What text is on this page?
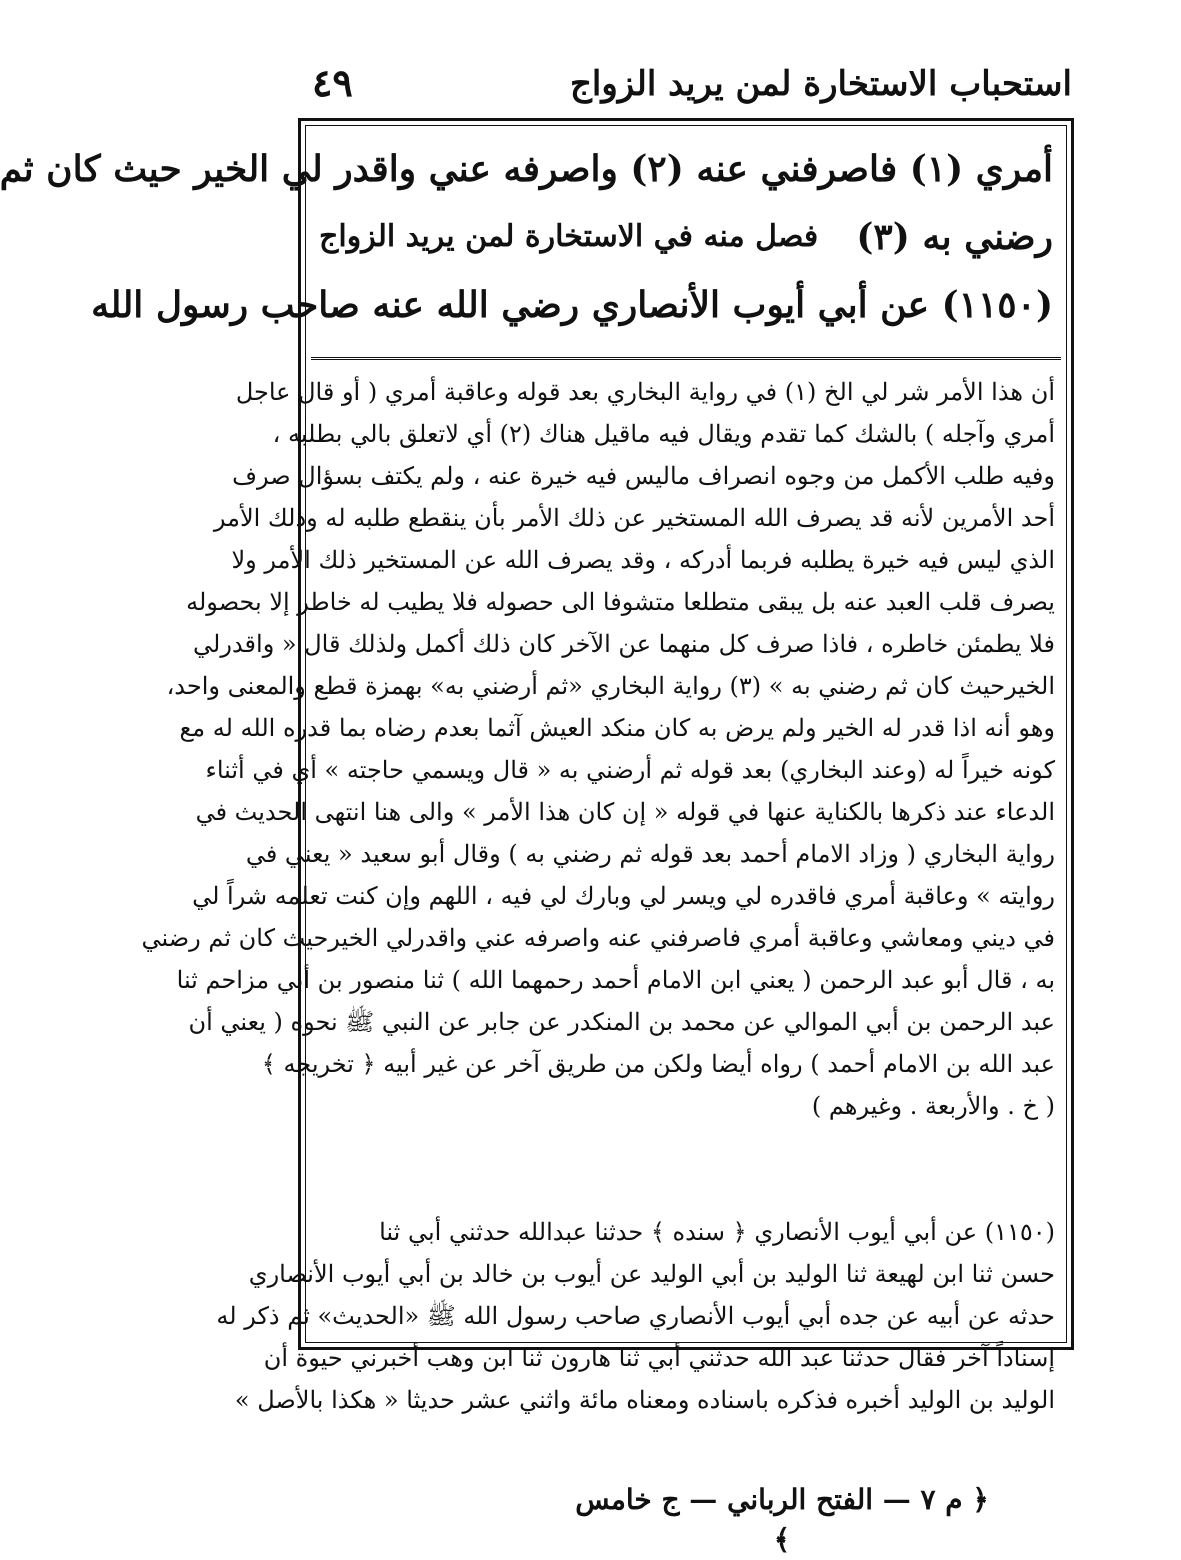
استحباب الاستخارة لمن يريد الزواج
٤٩
أمري (١) فاصرفني عنه (٢) واصرفه عني واقدر لي الخير حيث كان ثم
رضني به (٣)
فصل منه في الاستخارة لمن يريد الزواج
(١١٥٠) عن أبي أيوب الأنصاري رضي الله عنه صاحب رسول الله
أن هذا الأمر شر لي الخ (١) في رواية البخاري بعد قوله وعاقبة أمري ( أو قال عاجل
أمري وآجله ) بالشك كما تقدم ويقال فيه ماقيل هناك (٢) أي لاتعلق بالي بطلبه ،
وفيه طلب الأكمل من وجوه انصراف ماليس فيه خيرة عنه ، ولم يكتف بسؤال صرف
أحد الأمرين لأنه قد يصرف الله المستخير عن ذلك الأمر بأن ينقطع طلبه له وذلك الأمر
الذي ليس فيه خيرة يطلبه فربما أدركه ، وقد يصرف الله عن المستخير ذلك الأمر ولا
يصرف قلب العبد عنه بل يبقى متطلعا متشوفا الى حصوله فلا يطيب له خاطر إلا بحصوله
فلا يطمئن خاطره ، فاذا صرف كل منهما عن الآخر كان ذلك أكمل ولذلك قال « واقدرلي
الخيرحيث كان ثم رضني به » (٣) رواية البخاري «ثم أرضني به» بهمزة قطع والمعنى واحد،
وهو أنه اذا قدر له الخير ولم يرض به كان منكد العيش آثما بعدم رضاه بما قدره الله له مع
كونه خيراً له (وعند البخاري) بعد قوله ثم أرضني به « قال ويسمي حاجته » أي في أثناء
الدعاء عند ذكرها بالكناية عنها في قوله « إن كان هذا الأمر » والى هنا انتهى الحديث في
رواية البخاري ( وزاد الامام أحمد بعد قوله ثم رضني به ) وقال أبو سعيد « يعني في
روايته » وعاقبة أمري فاقدره لي ويسر لي وبارك لي فيه ، اللهم وإن كنت تعلمه شراً لي
في ديني ومعاشي وعاقبة أمري فاصرفني عنه واصرفه عني واقدرلي الخيرحيث كان ثم رضني
به ، قال أبو عبد الرحمن ( يعني ابن الامام أحمد رحمهما الله ) ثنا منصور بن أبي مزاحم ثنا
عبد الرحمن بن أبي الموالي عن محمد بن المنكدر عن جابر عن النبي ﷺ نحوه ( يعني أن
عبد الله بن الامام أحمد ) رواه أيضا ولكن من طريق آخر عن غير أبيه ﴿ تخريجه ﴾
( خ . والأربعة . وغيرهم )
(١١٥٠) عن أبي أيوب الأنصاري ﴿ سنده ﴾ حدثنا عبدالله حدثني أبي ثنا
حسن ثنا ابن لهيعة ثنا الوليد بن أبي الوليد عن أيوب بن خالد بن أبي أيوب الأنصاري
حدثه عن أبيه عن جده أبي أيوب الأنصاري صاحب رسول الله ﷺ «الحديث» ثم ذكر له
إسناداً آخر فقال حدثنا عبد الله حدثني أبي ثنا هارون ثنا ابن وهب أخبرني حيوة أن
الوليد بن الوليد أخبره فذكره باسناده ومعناه مائة واثني عشر حديثا « هكذا بالأصل »
﴿ م ٧ — الفتح الرباني — ج خامس ﴾
